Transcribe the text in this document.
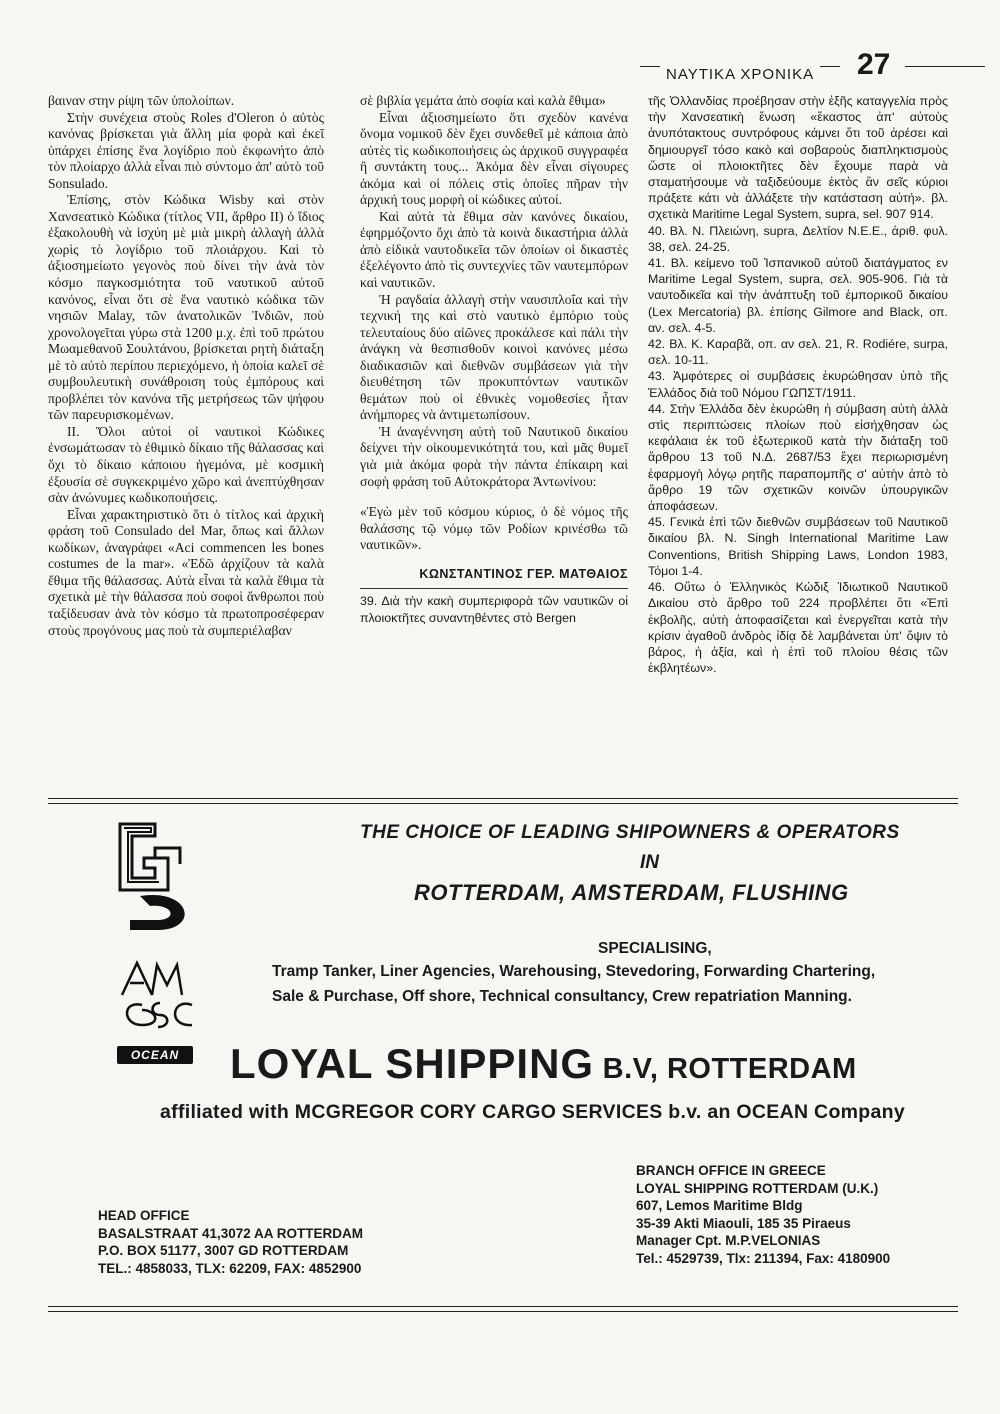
ΝΑΥΤΙΚΑ ΧΡΟΝΙΚΑ 27

βαιναν στην ρίψη τῶν ὑπολοίπων.

Στὴν συνέχεια στοὺς Roles d'Oleron ὁ αὐτὸς κανόνας βρίσκεται γιὰ ἄλλη μία φορὰ καὶ ἐκεῖ ὑπάρχει ἐπίσης ἕνα λογίδριο ποὺ ἐκφωνήτο ἀπὸ τὸν πλοίαρχο ἀλλὰ εἶναι πιὸ σύντομο ἀπ' αὐτὸ τοῦ Sonsulado.

Ἐπίσης, στὸν Κώδικα Wisby καὶ στὸν Χανσεατικὸ Κώδικα (τίτλος VII, ἄρθρο II) ὁ ἴδιος ἐξακολουθὴ νὰ ἰσχύη μὲ μιὰ μικρὴ ἀλλαγὴ ἀλλὰ χωρὶς τὸ λογίδριο τοῦ πλοιάρχου. Καὶ τὸ ἀξιοσημείωτο γεγονὸς ποὺ δίνει τὴν ἀνὰ τὸν κόσμο παγκοσμιότητα τοῦ ναυτικοῦ αὐτοῦ κανόνος, εἶναι ὅτι σὲ ἕνα ναυτικὸ κώδικα τῶν νησιῶν Malay, τῶν ἀνατολικῶν Ἰνδιῶν, ποὺ χρονολογεῖται γύρω στὰ 1200 μ.χ. ἐπὶ τοῦ πρώτου Μωαμεθανοῦ Σουλτάνου, βρίσκεται ρητὴ διάταξη μὲ τὸ αὐτὸ περίπου περιεχόμενο, ἡ ὁποία καλεῖ σὲ συμβουλευτικὴ συνάθροιση τοὺς ἐμπόρους καὶ προβλέπει τὸν κανόνα τῆς μετρήσεως τῶν ψήφου τῶν παρευρισκομένων.

II. Ὅλοι αὐτοὶ οἱ ναυτικοὶ Κώδικες ἐνσωμάτωσαν τὸ ἐθιμικὸ δίκαιο τῆς θάλασσας καὶ ὄχι τὸ δίκαιο κάποιου ἡγεμόνα, μὲ κοσμικὴ ἐξουσία σὲ συγκεκριμένο χῶρο καὶ ἀνεπτύχθησαν σὰν ἀνώνυμες κωδικοποιήσεις.

Εἶναι χαρακτηριστικὸ ὅτι ὁ τίτλος καὶ ἀρχικὴ φράση τοῦ Consulado del Mar, ὅπως καὶ ἄλλων κωδίκων, ἀναγράφει «Aci commencen les bones costumes de la mar». «Ἐδῶ ἀρχίζουν τὰ καλὰ ἔθιμα τῆς θάλασσας. Αὐτὰ εἶναι τὰ καλὰ ἔθιμα τὰ σχετικὰ μὲ τὴν θάλασσα ποὺ σοφοὶ ἄνθρωποι ποὺ ταξίδευσαν ἀνὰ τὸν κόσμο τὰ πρωτοπροσέφεραν στοὺς προγόνους μας ποὺ τὰ συμπεριέλαβαν

σὲ βιβλία γεμάτα ἀπὸ σοφία καὶ καλὰ ἔθιμα»

Εἶναι ἀξιοσημείωτο ὅτι σχεδὸν κανένα ὄνομα νομικοῦ δὲν ἔχει συνδεθεῖ μὲ κάποια ἀπὸ αὐτὲς τὶς κωδικοποιήσεις ὡς ἀρχικοῦ συγγραφέα ἢ συντάκτη τους... Ἀκόμα δὲν εἶναι σίγουρες ἀκόμα καὶ οἱ πόλεις στὶς ὁποῖες πῆραν τὴν ἀρχική τους μορφὴ οἱ κώδικες αὐτοί.

Καὶ αὐτὰ τὰ ἔθιμα σὰν κανόνες δικαίου, ἐφηρμόζοντο ὄχι ἀπὸ τὰ κοινὰ δικαστήρια ἀλλὰ ἀπὸ εἰδικὰ ναυτοδικεῖα τῶν ὁποίων οἱ δικαστὲς ἐξελέγοντο ἀπὸ τὶς συντεχνίες τῶν ναυτεμπόρων καὶ ναυτικῶν.

Ἡ ραγδαία ἀλλαγὴ στὴν ναυσιπλοΐα καὶ τὴν τεχνική της καὶ στὸ ναυτικὸ ἐμπόριο τοὺς τελευταίους δύο αἰῶνες προκάλεσε καὶ πάλι τὴν ἀνάγκη νὰ θεσπισθοῦν κοινοὶ κανόνες μέσω διαδικασιῶν καὶ διεθνῶν συμβάσεων γιὰ τὴν διευθέτηση τῶν προκυπτόντων ναυτικῶν θεμάτων ποὺ οἱ ἐθνικὲς νομοθεσίες ἦταν ἀνήμπορες νὰ ἀντιμετωπίσουν.

Ἡ ἀναγέννηση αὐτὴ τοῦ Ναυτικοῦ δικαίου δείχνει τὴν οἰκουμενικότητά του, καὶ μᾶς θυμεῖ γιὰ μιὰ ἀκόμα φορὰ τὴν πάντα ἐπίκαιρη καὶ σοφὴ φράση τοῦ Αὐτοκράτορα Ἀντωνίνου:

«Ἐγὼ μὲν τοῦ κόσμου κύριος, ὁ δὲ νόμος τῆς θαλάσσης τῷ νόμῳ τῶν Ροδίων κρινέσθω τῶ ναυτικῶν».

ΚΩΝΣΤΑΝΤΙΝΟΣ ΓΕΡ. ΜΑΤΘΑΙΟΣ

39. Διὰ τὴν κακὴ συμπεριφορὰ τῶν ναυτικῶν οἱ πλοιοκτῆτες συναντηθέντες στὸ Bergen

τῆς Ὀλλανδίας προέβησαν στὴν ἑξῆς καταγγελία πρὸς τὴν Χανσεατικὴ ἕνωση «ἕκαστος ἀπ' αὐτοὺς ἀνυπότακτους συντρόφους κάμνει ὅτι τοῦ ἀρέσει καὶ δημιουργεῖ τόσο κακὸ καὶ σοβαροὺς διαπληκτισμοὺς ὥστε οἱ πλοιοκτῆτες δὲν ἔχουμε παρὰ νὰ σταματήσουμε νὰ ταξιδεύουμε ἐκτὸς ἂν σεῖς κύριοι πράξετε κάτι νὰ ἀλλάξετε τὴν κατάσταση αὐτή». βλ. σχετικὰ Maritime Legal System, supra, sel. 907 914.

40. Βλ. Ν. Πλειώνη, supra, Δελτίον Ν.Ε.Ε., ἀριθ. φυλ. 38, σελ. 24-25.

41. Βλ. κείμενο τοῦ Ἰσπανικοῦ αὐτοῦ διατάγματος εν Maritime Legal System, supra, σελ. 905-906. Γιὰ τὰ ναυτοδικεῖα καὶ τὴν ἀνάπτυξη τοῦ ἐμπορικοῦ δικαίου (Lex Mercatoria) βλ. ἐπίσης Gilmore and Black, οπ. αν. σελ. 4-5.

42. Βλ. Κ. Καραβᾶ, οπ. αν σελ. 21, R. Rodiére, surpa, σελ. 10-11.

43. Ἀμφότερες οἱ συμβάσεις ἐκυρώθησαν ὑπὸ τῆς Ἑλλάδος διὰ τοῦ Νόμου ΓΩΠΣΤ/1911.

44. Στὴν Ἑλλάδα δὲν ἐκυρώθη ἡ σύμβαση αὐτὴ ἀλλὰ στὶς περιπτώσεις πλοίων ποὺ εἰσήχθησαν ὡς κεφάλαια ἐκ τοῦ ἐξωτερικοῦ κατὰ τὴν διάταξη τοῦ ἄρθρου 13 τοῦ Ν.Δ. 2687/53 ἔχει περιωρισμένη ἐφαρμογὴ λόγῳ ρητῆς παραπομπῆς σ' αὐτὴν ἀπὸ τὸ ἄρθρο 19 τῶν σχετικῶν κοινῶν ὑπουργικῶν ἀποφάσεων.

45. Γενικὰ ἐπὶ τῶν διεθνῶν συμβάσεων τοῦ Ναυτικοῦ δικαίου βλ. N. Singh International Maritime Law Conventions, British Shipping Laws, London 1983, Τόμοι 1-4.

46. Οὕτω ὁ Ἑλληνικὸς Κώδιξ Ἰδιωτικοῦ Ναυτικοῦ Δικαίου στὸ ἄρθρο τοῦ 224 προβλέπει ὅτι «Ἐπὶ ἐκβολῆς, αὐτὴ ἀποφασίζεται καὶ ἐνεργεῖται κατὰ τὴν κρίσιν ἀγαθοῦ ἀνδρὸς ἰδίᾳ δὲ λαμβάνεται ὑπ' ὄψιν τὸ βάρος, ἡ ἀξία, καὶ ἡ ἐπὶ τοῦ πλοίου θέσις τῶν ἐκβλητέων».

OCEAN
THE CHOICE OF LEADING SHIPOWNERS & OPERATORS
IN
ROTTERDAM, AMSTERDAM, FLUSHING
SPECIALISING,
Tramp Tanker, Liner Agencies, Warehousing, Stevedoring, Forwarding Chartering,
Sale & Purchase, Off shore, Technical consultancy, Crew repatriation Manning.
LOYAL SHIPPING B.V, ROTTERDAM
affiliated with MCGREGOR CORY CARGO SERVICES b.v. an OCEAN Company
BRANCH OFFICE IN GREECE
LOYAL SHIPPING ROTTERDAM (U.K.)
607, Lemos Maritime Bldg
35-39 Akti Miaouli, 185 35 Piraeus
Manager Cpt. M.P.VELONIAS
Tel.: 4529739, Tlx: 211394, Fax: 4180900
HEAD OFFICE
BASALSTRAAT 41,3072 AA ROTTERDAM
P.O. BOX 51177, 3007 GD ROTTERDAM
TEL.: 4858033, TLX: 62209, FAX: 4852900
